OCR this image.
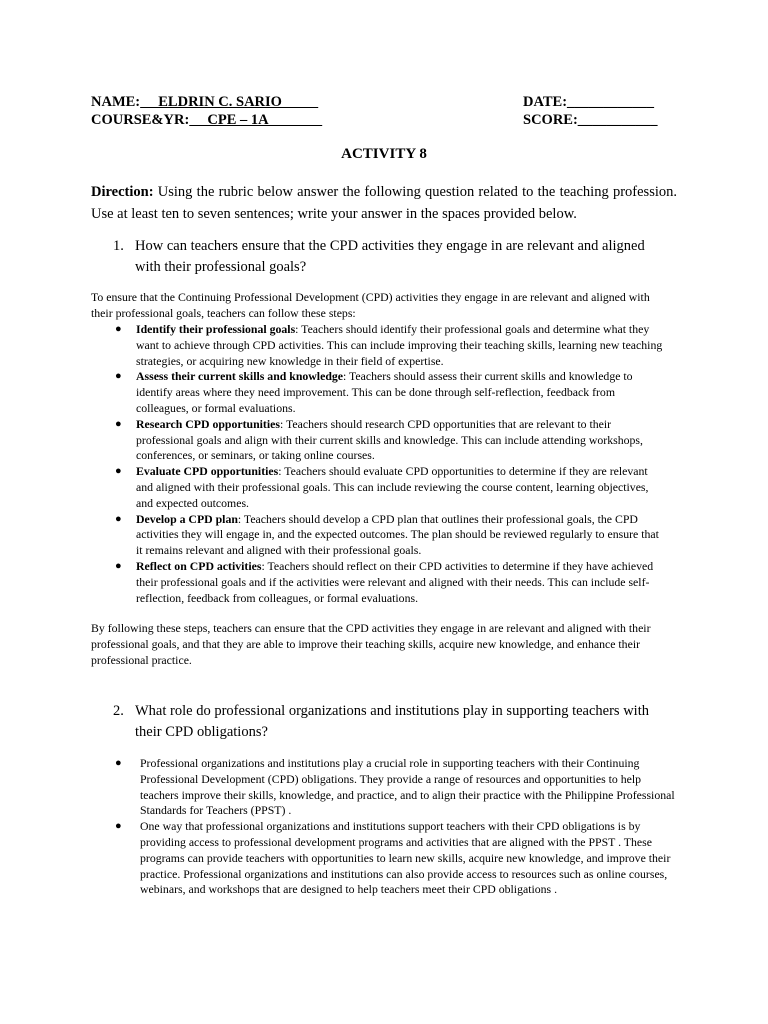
NAME:     ELDRIN C. SARIO
COURSE&YR:     CPE – 1A
DATE:____________
SCORE:___________
ACTIVITY 8
Direction: Using the rubric below answer the following question related to the teaching profession. Use at least ten to seven sentences; write your answer in the spaces provided below.
1. How can teachers ensure that the CPD activities they engage in are relevant and aligned
with their professional goals?
To ensure that the Continuing Professional Development (CPD) activities they engage in are relevant and aligned with their professional goals, teachers can follow these steps:
● Identify their professional goals: Teachers should identify their professional goals and determine what they want to achieve through CPD activities. This can include improving their teaching skills, learning new teaching strategies, or acquiring new knowledge in their field of expertise.
● Assess their current skills and knowledge: Teachers should assess their current skills and knowledge to identify areas where they need improvement. This can be done through self-reflection, feedback from colleagues, or formal evaluations.
● Research CPD opportunities: Teachers should research CPD opportunities that are relevant to their professional goals and align with their current skills and knowledge. This can include attending workshops, conferences, or seminars, or taking online courses.
● Evaluate CPD opportunities: Teachers should evaluate CPD opportunities to determine if they are relevant and aligned with their professional goals. This can include reviewing the course content, learning objectives, and expected outcomes.
● Develop a CPD plan: Teachers should develop a CPD plan that outlines their professional goals, the CPD activities they will engage in, and the expected outcomes. The plan should be reviewed regularly to ensure that it remains relevant and aligned with their professional goals.
● Reflect on CPD activities: Teachers should reflect on their CPD activities to determine if they have achieved their professional goals and if the activities were relevant and aligned with their needs. This can include self-reflection, feedback from colleagues, or formal evaluations.
By following these steps, teachers can ensure that the CPD activities they engage in are relevant and aligned with their professional goals, and that they are able to improve their teaching skills, acquire new knowledge, and enhance their professional practice.
2. What role do professional organizations and institutions play in supporting teachers with
their CPD obligations?
● Professional organizations and institutions play a crucial role in supporting teachers with their Continuing Professional Development (CPD) obligations. They provide a range of resources and opportunities to help teachers improve their skills, knowledge, and practice, and to align their practice with the Philippine Professional Standards for Teachers (PPST) .
● One way that professional organizations and institutions support teachers with their CPD obligations is by providing access to professional development programs and activities that are aligned with the PPST . These programs can provide teachers with opportunities to learn new skills, acquire new knowledge, and improve their practice. Professional organizations and institutions can also provide access to resources such as online courses, webinars, and workshops that are designed to help teachers meet their CPD obligations .
